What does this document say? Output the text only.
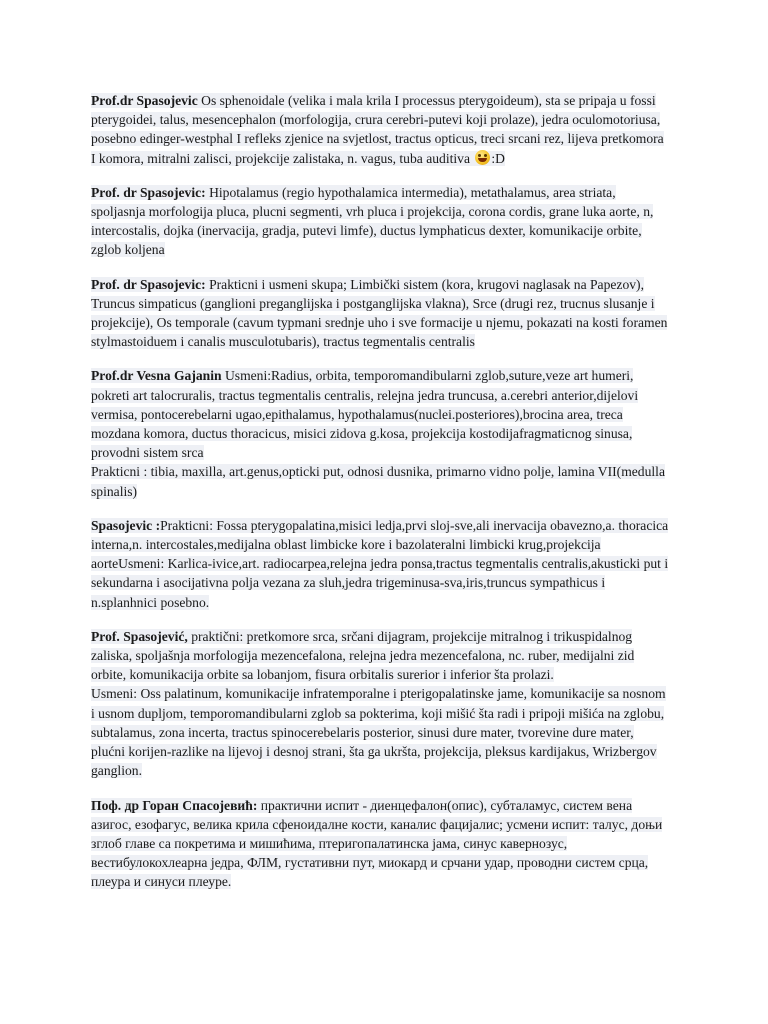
Prof.dr Spasojevic Os sphenoidale (velika i mala krila I processus pterygoideum), sta se pripaja u fossi
pterygoidei, talus, mesencephalon (morfologija, crura cerebri-putevi koji prolaze), jedra oculomotoriusa,
posebno edinger-westphal I refleks zjenice na svjetlost, tractus opticus, treci srcani rez, lijeva pretkomora
I komora, mitralni zalisci, projekcije zalistaka, n. vagus, tuba auditiva :D
Prof. dr Spasojevic: Hipotalamus (regio hypothalamica intermedia), metathalamus, area striata,
spoljasnja morfologija pluca, plucni segmenti, vrh pluca i projekcija, corona cordis, grane luka aorte, n,
intercostalis, dojka (inervacija, gradja, putevi limfe), ductus lymphaticus dexter, komunikacije orbite,
zglob koljena
Prof. dr Spasojevic: Prakticni i usmeni skupa; Limbički sistem (kora, krugovi naglasak na Papezov),
Truncus simpaticus (ganglioni preganglijska i postganglijska vlakna), Srce (drugi rez, trucnus slusanje i
projekcije), Os temporale (cavum typmani srednje uho i sve formacije u njemu, pokazati na kosti foramen
stylmastoiduem i canalis musculotubaris), tractus tegmentalis centralis
Prof.dr Vesna Gajanin Usmeni:Radius, orbita, temporomandibularni zglob,suture,veze art humeri,
pokreti art talocruralis, tractus tegmentalis centralis, relejna jedra truncusa, a.cerebri anterior,dijelovi
vermisa, pontocerebelarni ugao,epithalamus, hypothalamus(nuclei.posteriores),brocina area, treca
mozdana komora, ductus thoracicus, misici zidova g.kosa, projekcija kostodijafragmaticnog sinusa,
provodni sistem srca
Prakticni : tibia, maxilla, art.genus,opticki put, odnosi dusnika, primarno vidno polje, lamina VII(medulla
spinalis)
Spasojevic :Prakticni: Fossa pterygopalatina,misici ledja,prvi sloj-sve,ali inervacija obavezno,a. thoracica
interna,n. intercostales,medijalna oblast limbicke kore i bazolateralni limbicki krug,projekcija
aorteUsmeni: Karlica-ivice,art. radiocarpea,relejna jedra ponsa,tractus tegmentalis centralis,akusticki put i
sekundarna i asocijativna polja vezana za sluh,jedra trigeminusa-sva,iris,truncus sympathicus i
n.splanhnici posebno.
Prof. Spasojević, praktični: pretkomore srca, srčani dijagram, projekcije mitralnog i trikuspidalnog
zaliska, spoljašnja morfologija mezencefalona, relejna jedra mezencefalona, nc. ruber, medijalni zid
orbite, komunikacija orbite sa lobanjom, fisura orbitalis surerior i inferior šta prolazi.
Usmeni: Oss palatinum, komunikacije infratemporalne i pterigopalatinske jame, komunikacije sa nosnom
i usnom dupljom, temporomandibularni zglob sa pokterima, koji mišić šta radi i pripoji mišića na zglobu,
subtalamus, zona incerta, tractus spinocerebelaris posterior, sinusi dure mater, tvorevine dure mater,
plućni korijen-razlike na lijevoj i desnoj strani, šta ga ukršta, projekcija, pleksus kardijakus, Wrizbergov
ganglion.
Поф. др Горан Спасојевић: практични испит - диенцефалон(опис), субталамус, систем вена
азигос, езофагус, велика крила сфеноидалне кости, каналис фацијалис; усмени испит: талус, доњи
зглоб главе са покретима и мишићима, птеригопалатинска јама, синус кавернозус,
вестибулокохлеарна једра, ФЛМ, густативни пут, миокард и срчани удар, проводни систем срца,
плеура и синуси плеуре.
